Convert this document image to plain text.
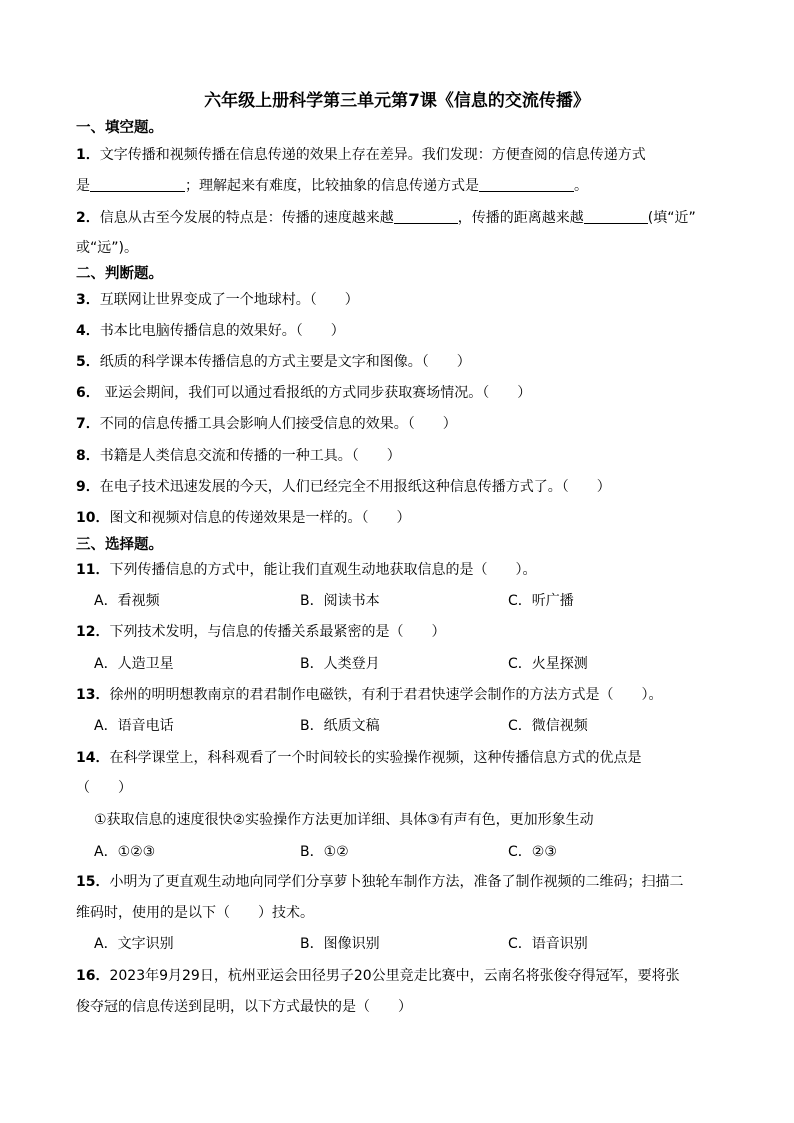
六年级上册科学第三单元第7课《信息的交流传播》
一、填空题。
1．文字传播和视频传播在信息传递的效果上存在差异。我们发现：方便查阅的信息传递方式
是	；理解起来有难度，比较抽象的信息传递方式是	。
2．信息从古至今发展的特点是：传播的速度越来越	，传播的距离越来越	(填“近”
或“远”)。
二、判断题。
3．互联网让世界变成了一个地球村。（　　）
4．书本比电脑传播信息的效果好。（　　）
5．纸质的科学课本传播信息的方式主要是文字和图像。（　　）
6． 亚运会期间，我们可以通过看报纸的方式同步获取赛场情况。（　　）
7．不同的信息传播工具会影响人们接受信息的效果。（　　）
8．书籍是人类信息交流和传播的一种工具。（　　）
9．在电子技术迅速发展的今天，人们已经完全不用报纸这种信息传播方式了。（　　）
10．图文和视频对信息的传递效果是一样的。（　　）
三、选择题。
11．下列传播信息的方式中，能让我们直观生动地获取信息的是（　　）。
A．看视频	B．阅读书本	C．听广播
12．下列技术发明，与信息的传播关系最紧密的是（　　）
A．人造卫星	B．人类登月	C．火星探测
13．徐州的明明想教南京的君君制作电磁铁，有利于君君快速学会制作的方法方式是（　　）。
A．语音电话	B．纸质文稿	C．微信视频
14．在科学课堂上，科科观看了一个时间较长的实验操作视频，这种传播信息方式的优点是
（　　）
①获取信息的速度很快②实验操作方法更加详细、具体③有声有色，更加形象生动
A．①②③	B．①②	C．②③
15．小明为了更直观生动地向同学们分享萝卜独轮车制作方法，准备了制作视频的二维码；扫描二
维码时，使用的是以下（　　）技术。
A．文字识别	B．图像识别	C．语音识别
16．2023年9月29日，杭州亚运会田径男子20公里竞走比赛中，云南名将张俊夺得冠军，要将张
俊夺冠的信息传送到昆明，以下方式最快的是（　　）
